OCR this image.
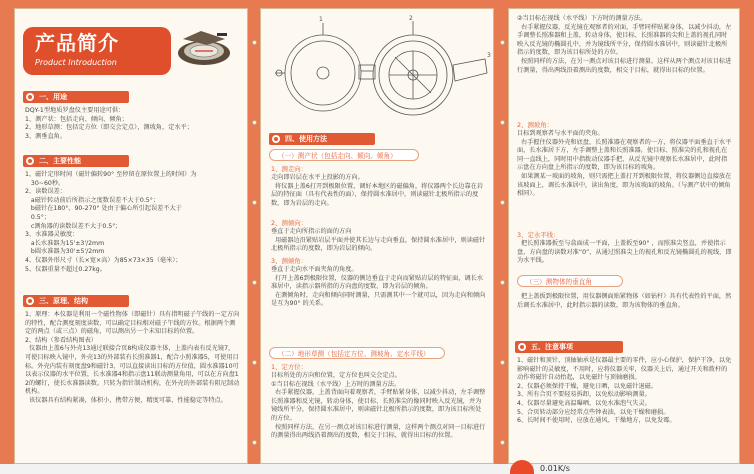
产品简介
Product Introduction
一、用途
DQY-1型地质罗盘仪主要用途可供：
1、测产状：包括走向、倾向、倾角；
2、地形草测：包括定方位（即交会定点），测坡角，定水平；
3、测垂直角。
二、主要性能
1、磁针定形时间（磁针偏转90° 至停留在原位置上的时间）为
30~60秒。
2、读数误差：
a磁针转动前后所指示之度数误差不大于0.5°；
b磁针在180°、90-270° 处由于偏心所引起误差不大于
0.5°；
c测角器的读数误差不大于0.5°；
3、水准器灵敏度：
a长水准器为15'±3'/2mm
b圆水准器为30'±5'/2mm
4、仪器外形尺寸（长×宽×高）为85×73×35（毫米）；
5、仪器重量不超过0.27kg。
三、原理、结构
1、原理：本仪器是利用一个磁性物体（即磁针）具有指明磁子午线的一定方向的特性，配合测度刻度读数，可以确定目标相对磁子午线的方位。根据两个测定的两点（或三点）的磁角，可以测出另一个未知目标的位置。
2、结构（参看结构图表）
仪器由上盖6与外壳13通过联接合页8构成仪器主体，上盖内表有反光镜7，可使目标映入镜中，外壳13的外部装有长照准器1，配合小照准器5，可使用目标。外壳内装有刻度盘9和磁针3，可以直接读出目标的方位值，圆水准器10可以表示仪器的水平位置，长水准器4和指示盘11联动测量角用，可以在方向盘12的螺钉，使长水准器读数。只转为指针制动机构，在外壳的外部装有阻尼制动机构。
该仪器具有结构紧凑，体积小，携带方便，精度可靠，性能稳定等特点。
1	2
3
四、使用方法
（一）测产状（包括走向、倾向、倾角）
1、测走向：
走向即岩层在水平上投影的方向。
将仪器上盖6打开到极限位置，调好本地区的磁偏角，将仪器两个长边靠在岩层的特征面（具有代表性的面），保持圆水准居中，则读磁针北极所指示的度数，即为岩层的走向。
2、测倾向：
垂直于走向所指示的面的方向
用磁器边沿紧贴岩层平面并使其长边与走向垂直，保持圆水准居中，则读磁针北极所指示的度数，即为岩层的倾向。
3、测倾角：
垂直于走向水平面夹角的角度。
打开上盖6到极限位置，仪器的侧边垂直于走向而紧贴岩层的特征面，调长水准居中，读指示器所指的方向盘的度数，即为岩层的倾角。
在测倾角时，走向和倾向同时测量，只需测其中一个就可以，因为走向和倾向是互为90° 的关系。
（二）地形草测（包括定方位、测坡角、定水平线）
1、定方位：
目标所处的方向和位置，定方位也叫交会定点。
①当目标在视线（水平线）上方时的测量方法。
右手紧握仪器，上盖背面向着观察者，手臂贴紧身体，以减少抖动，左手调整长照准器和反光镜，转动身体，使目标、长照准尖的像同时映入反光镜，并为镜线所平分，保持圆水准居中，则读磁针北极所指示的度数，即为该目标所处的方位。
按照同样方法，在另一测点对该目标进行测量，这样两个测点对同一目标进行的测量得出两线沿着测出的度数，相交于目标，就得出目标的位置。
②当目标在视线（水平线）下方时的测量方法。
右手紧握仪器，反光镜在观察者的对面，手臂同样贴紧身体，以减少抖动，左手调整长照准器和上盖，转动身体，使目标、长照准器的尖和上盖的视孔同时映入反光镜的椭圆孔中，并为镜线所平分，保持圆水准居中，则读磁针北极所指示的度数，即为该目标所处的方位。
按照同样的方法，在另一测点对该目标进行测量。这样从两个测点对该目标进行测量，得出两线沿着测出的度数，相交于目标，就得出目标的位置。
2、测坡角：
目标到观察者与水平面的夹角。
右手握住仪器外壳和底盘，长照准器在观察者的一方，将仪器平面垂直于水平面，长水准居下方，左手调整上盖和长照准器，使目标、照准尖的孔和视孔在同一直线上，同时用中指拨动仪器手把，从反光镜中观察长水准居中，此时指示盘在方向盘上所指示的度数，即为该目标的坡角。
如果测某一坡面的坡角，则只需把上盖打开到极限位置，将仪器侧边直接放在该坡面上，调长水准居中，读出角度，即为该坡面的坡角。（与测产状中的倾角相同）。
3、定水平线：
把长照准器扳至与盒面成一平面，上盖扳至90° ，而照准尖竖直，并使指示盘、方向盘的读数对准“0”，从通过照准尖上的视孔和反光镜椭圆孔的视线，即为水平线。
（三）测物体的垂直角
把上盖扳到极限位置，用仪器侧面贴紧物体（如钻杆）具有代表性的平面，然后调长水准居中，此时指示器的读数，即为该物体的垂直角。
五、注意事项
1、磁针和顶针、顶轴轴承是仪器最主要的零件，应小心保护，保护干净，以免影响磁针的灵敏度，不用时，应将仪器关牢，仪器关上后，通过开关和拨杆的动作将磁针自动抬起，以免磁针与顶轴磨损。
2、仪器必须保持干燥，避免日晒，以免磁针退磁。
3、所有合页不要轻易拆卸，以免松动影响测量。
4、仪器尽量避免高温曝晒，以免水准泡气失灵。
5、合页转动部分应经常点些钟表油，以免干燥和磨损。
6、长时间不使用时，应放在通风、干燥地方，以免发霉。
0.01K/s
